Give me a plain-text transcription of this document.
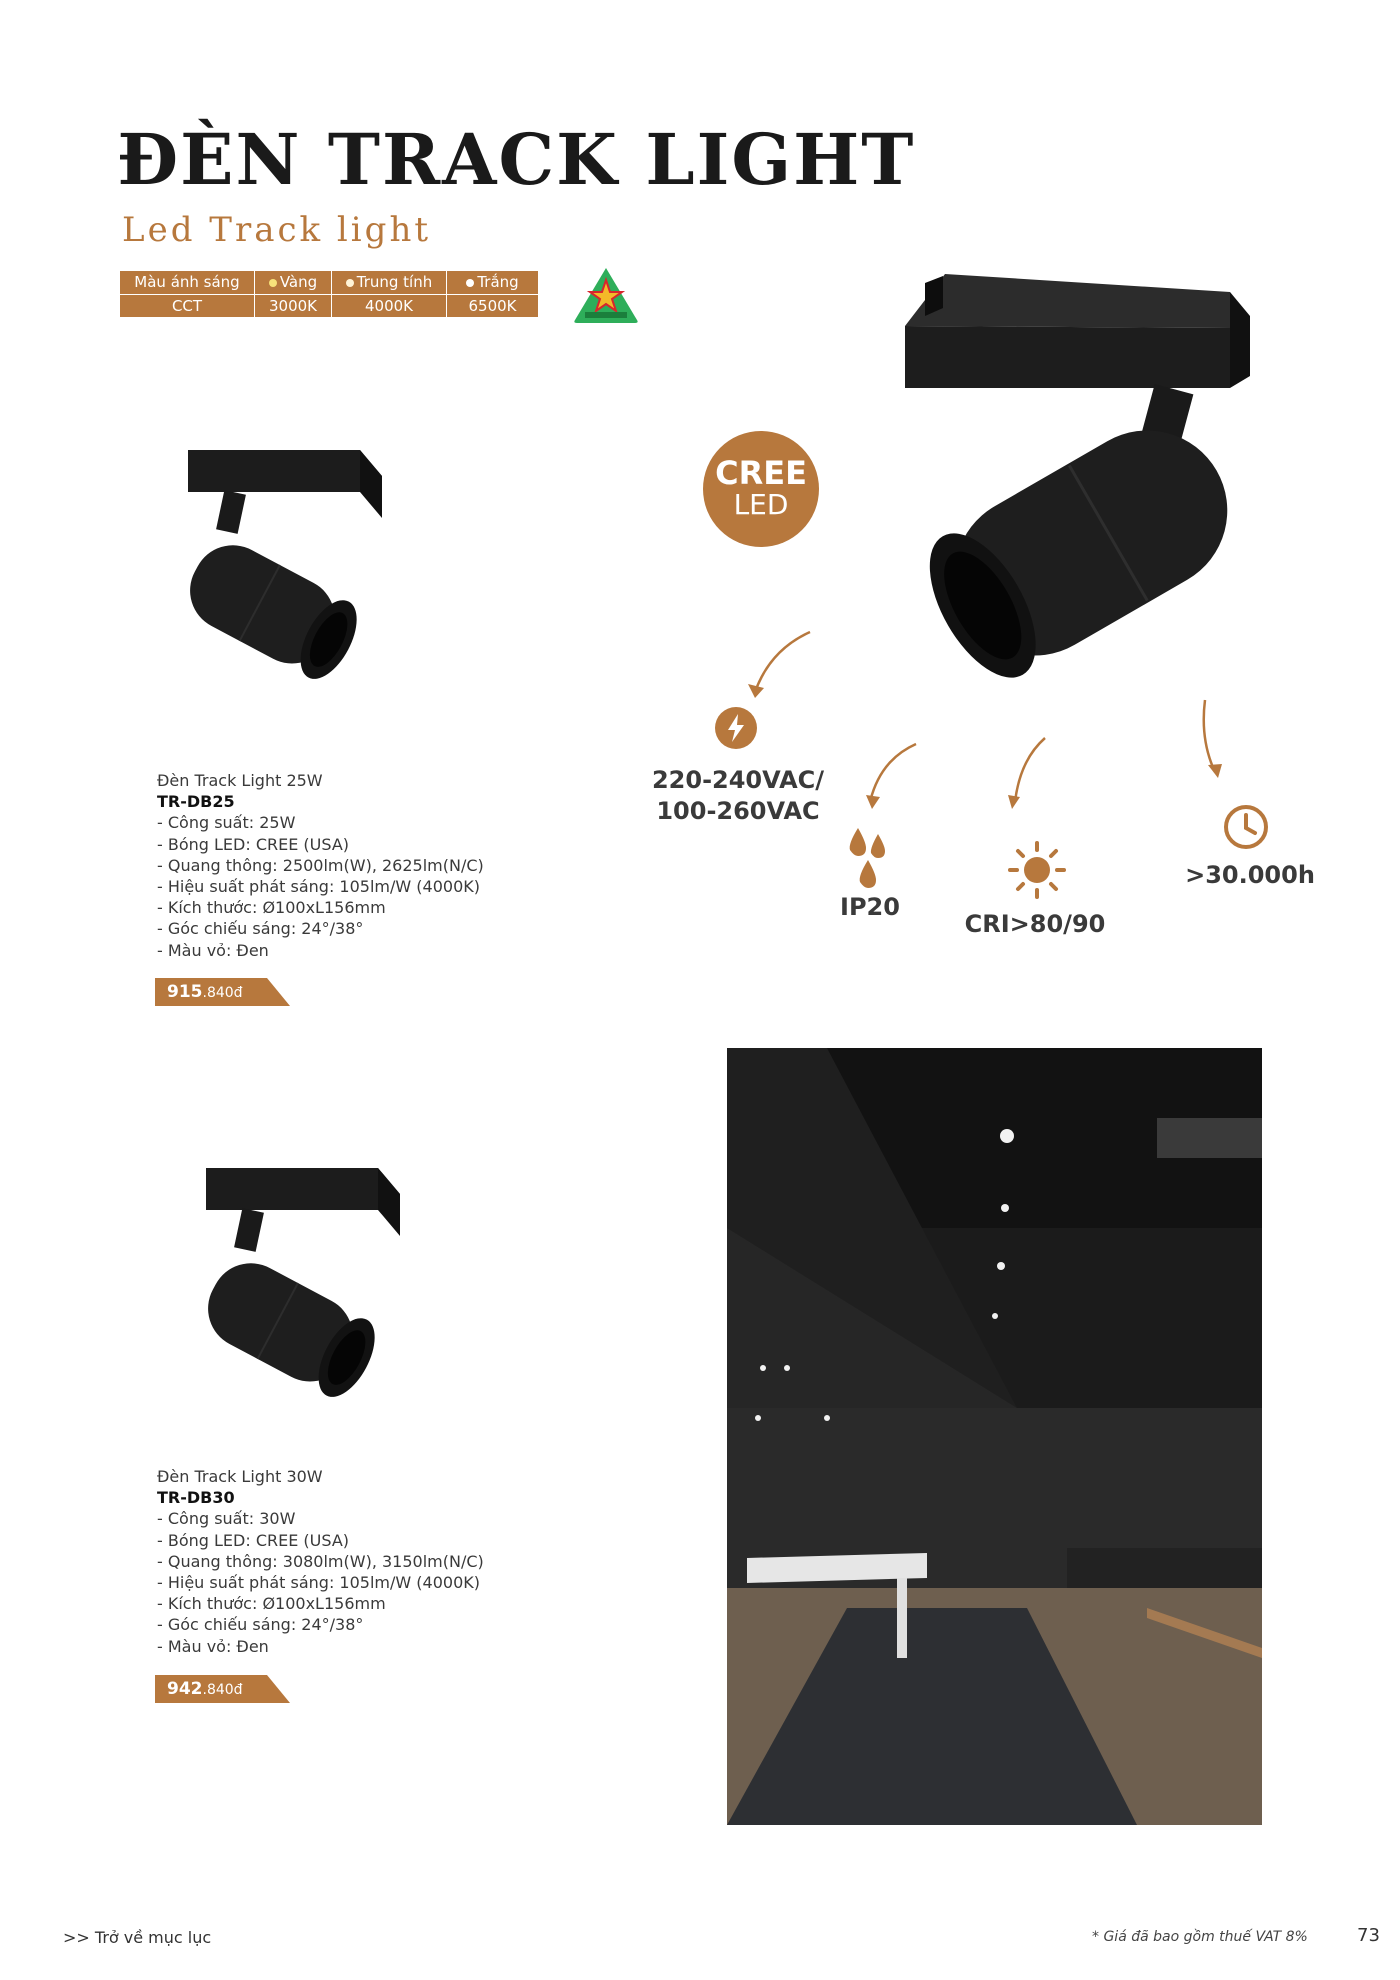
ĐÈN TRACK LIGHT
Led Track light
Màu ánh sáng	Vàng	Trung tính	Trắng
CCT	3000K	4000K	6500K
Đèn Track Light 25W
TR-DB25
- Công suất: 25W
- Bóng LED: CREE (USA)
- Quang thông: 2500lm(W), 2625lm(N/C)
- Hiệu suất phát sáng: 105lm/W (4000K)
- Kích thước: Ø100xL156mm
- Góc chiếu sáng: 24°/38°
- Màu vỏ: Đen
915.840đ
CREE
LED
220-240VAC/
100-260VAC
IP20
CRI>80/90
>30.000h
Đèn Track Light 30W
TR-DB30
- Công suất: 30W
- Bóng LED: CREE (USA)
- Quang thông: 3080lm(W), 3150lm(N/C)
- Hiệu suất phát sáng: 105lm/W (4000K)
- Kích thước: Ø100xL156mm
- Góc chiếu sáng: 24°/38°
- Màu vỏ: Đen
942.840đ
>> Trở về mục lục	* Giá đã bao gồm thuế VAT 8%	73
